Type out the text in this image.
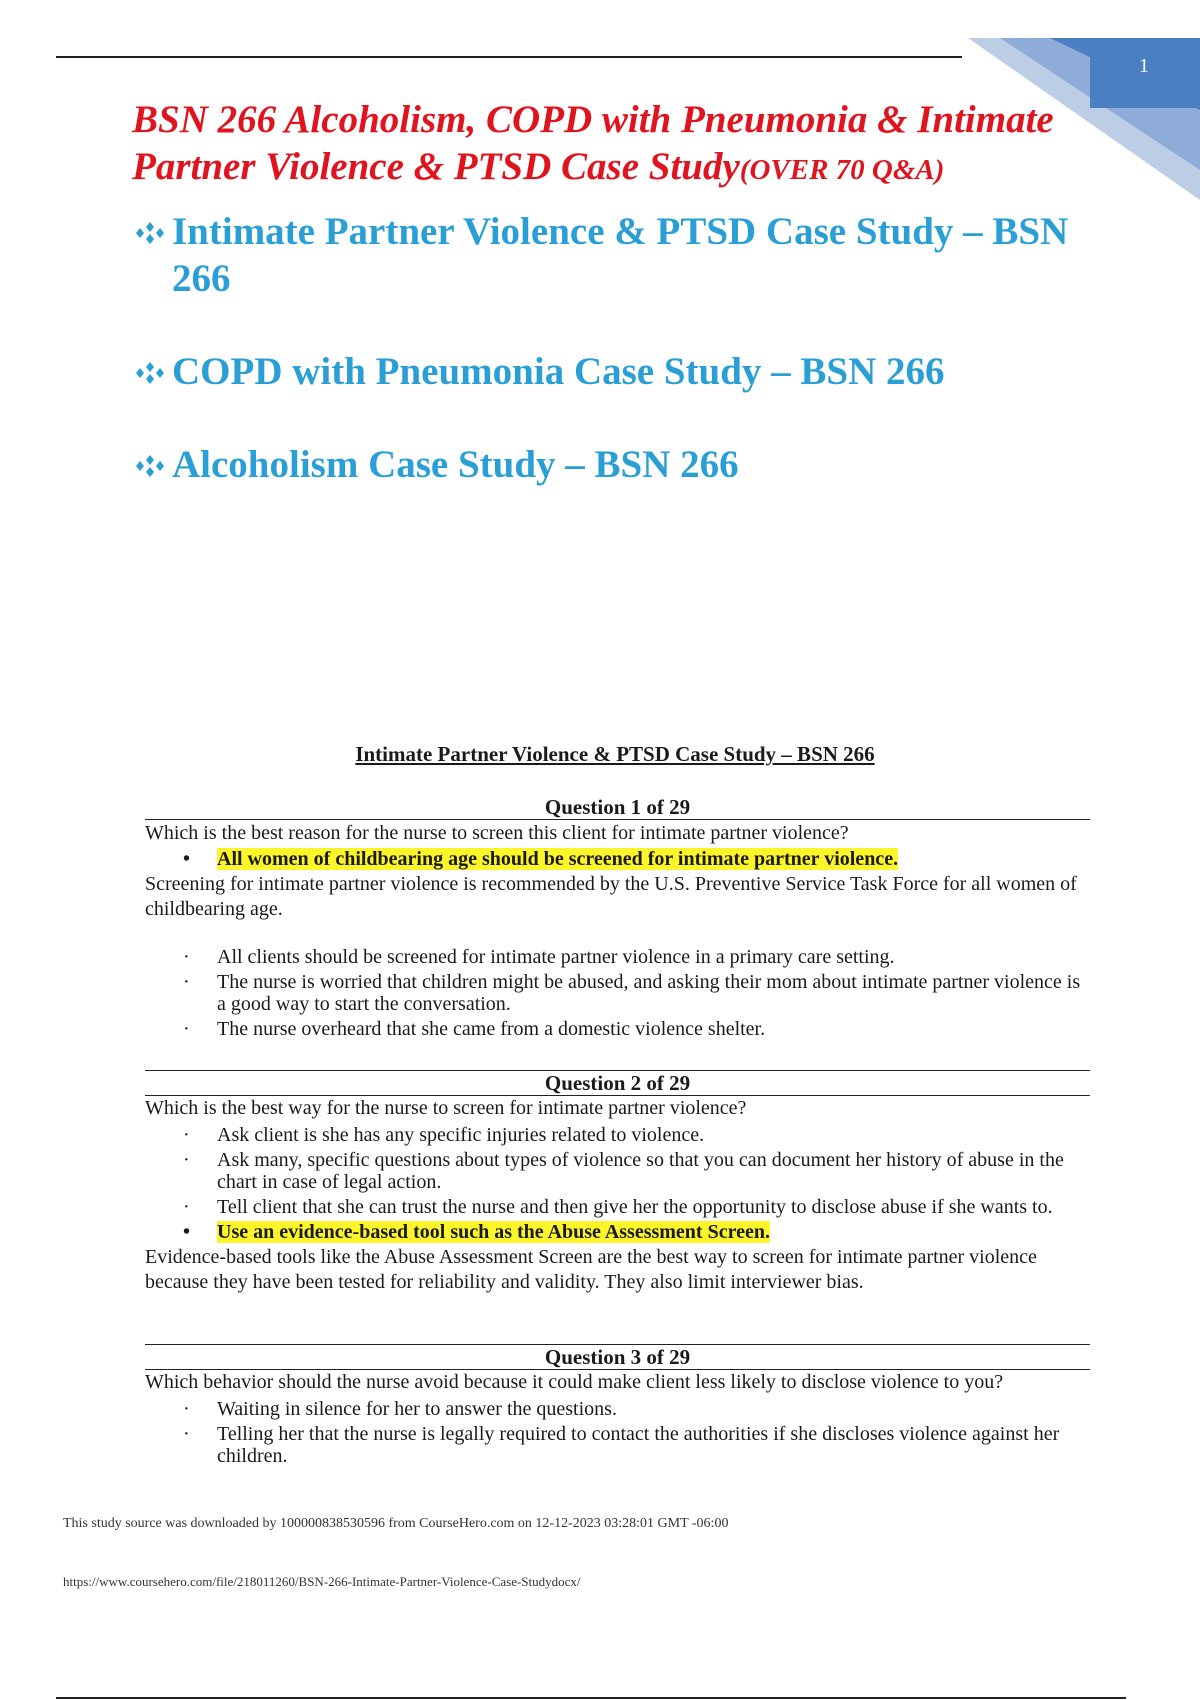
1
BSN 266 Alcoholism, COPD with Pneumonia & Intimate Partner Violence & PTSD Case Study(OVER 70 Q&A)
Intimate Partner Violence & PTSD Case Study – BSN 266
COPD with Pneumonia Case Study – BSN 266
Alcoholism Case Study – BSN 266
Intimate Partner Violence & PTSD Case Study – BSN 266
Question 1 of 29

Which is the best reason for the nurse to screen this client for intimate partner violence?

• All women of childbearing age should be screened for intimate partner violence.

Screening for intimate partner violence is recommended by the U.S. Preventive Service Task Force for all women of childbearing age.

· All clients should be screened for intimate partner violence in a primary care setting.
· The nurse is worried that children might be abused, and asking their mom about intimate partner violence is a good way to start the conversation.
· The nurse overheard that she came from a domestic violence shelter.
Question 2 of 29

Which is the best way for the nurse to screen for intimate partner violence?

· Ask client is she has any specific injuries related to violence.
· Ask many, specific questions about types of violence so that you can document her history of abuse in the chart in case of legal action.
· Tell client that she can trust the nurse and then give her the opportunity to disclose abuse if she wants to.
• Use an evidence-based tool such as the Abuse Assessment Screen.

Evidence-based tools like the Abuse Assessment Screen are the best way to screen for intimate partner violence because they have been tested for reliability and validity. They also limit interviewer bias.

Question 3 of 29

Which behavior should the nurse avoid because it could make client less likely to disclose violence to you?

· Waiting in silence for her to answer the questions.
· Telling her that the nurse is legally required to contact the authorities if she discloses violence against her children.
This study source was downloaded by 100000838530596 from CourseHero.com on 12-12-2023 03:28:01 GMT -06:00
https://www.coursehero.com/file/218011260/BSN-266-Intimate-Partner-Violence-Case-Studydocx/
